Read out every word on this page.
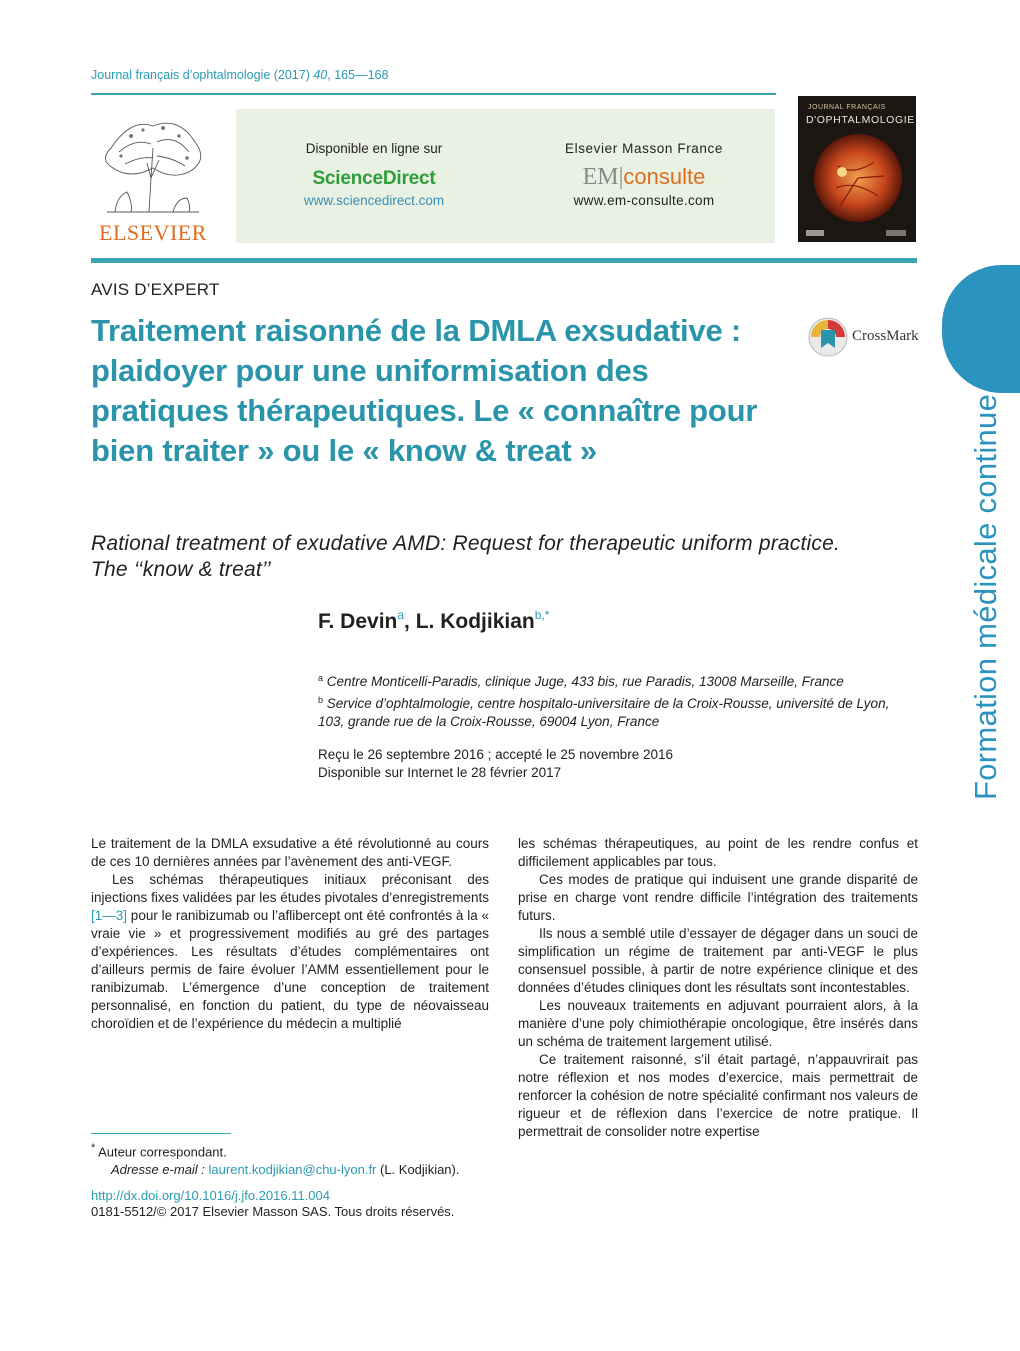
Journal français d’ophtalmologie (2017) 40, 165—168
ELSEVIER
Disponible en ligne sur
ScienceDirect
www.sciencedirect.com
Elsevier Masson France
EM|consulte
www.em-consulte.com
JOURNAL FRANÇAIS
D'OPHTALMOLOGIE
Formation médicale continue
AVIS D’EXPERT
Traitement raisonné de la DMLA exsudative : plaidoyer pour une uniformisation des pratiques thérapeutiques. Le « connaître pour bien traiter » ou le « know & treat »
CrossMark
Rational treatment of exudative AMD: Request for therapeutic uniform practice. The ‘‘know & treat’’
F. Devin$^a$, L. Kodjikian$^{b,*}$
$^a$ Centre Monticelli-Paradis, clinique Juge, 433 bis, rue Paradis, 13008 Marseille, France
$^b$ Service d’ophtalmologie, centre hospitalo-universitaire de la Croix-Rousse, université de Lyon, 103, grande rue de la Croix-Rousse, 69004 Lyon, France
Reçu le 26 septembre 2016 ; accepté le 25 novembre 2016
Disponible sur Internet le 28 février 2017

Le traitement de la DMLA exsudative a été révolutionné au cours de ces 10 dernières années par l’avènement des anti-VEGF.

Les schémas thérapeutiques initiaux préconisant des injections fixes validées par les études pivotales d’enregistrements [1—3] pour le ranibizumab ou l’aflibercept ont été confrontés à la « vraie vie » et progressivement modifiés au gré des partages d’expériences. Les résultats d’études complémentaires ont d’ailleurs permis de faire évoluer l’AMM essentiellement pour le ranibizumab. L’émergence d’une conception de traitement personnalisé, en fonction du patient, du type de néovaisseau choroïdien et de l’expérience du médecin a multiplié

les schémas thérapeutiques, au point de les rendre confus et difficilement applicables par tous.

Ces modes de pratique qui induisent une grande disparité de prise en charge vont rendre difficile l’intégration des traitements futurs.

Ils nous a semblé utile d’essayer de dégager dans un souci de simplification un régime de traitement par anti-VEGF le plus consensuel possible, à partir de notre expérience clinique et des données d’études cliniques dont les résultats sont incontestables.

Les nouveaux traitements en adjuvant pourraient alors, à la manière d’une poly chimiothérapie oncologique, être insérés dans un schéma de traitement largement utilisé.

Ce traitement raisonné, s’il était partagé, n’appauvrirait pas notre réflexion et nos modes d’exercice, mais permettrait de renforcer la cohésion de notre spécialité confirmant nos valeurs de rigueur et de réflexion dans l’exercice de notre pratique. Il permettrait de consolider notre expertise

* Auteur correspondant.
Adresse e-mail : laurent.kodjikian@chu-lyon.fr (L. Kodjikian).
http://dx.doi.org/10.1016/j.jfo.2016.11.004
0181-5512/© 2017 Elsevier Masson SAS. Tous droits réservés.
